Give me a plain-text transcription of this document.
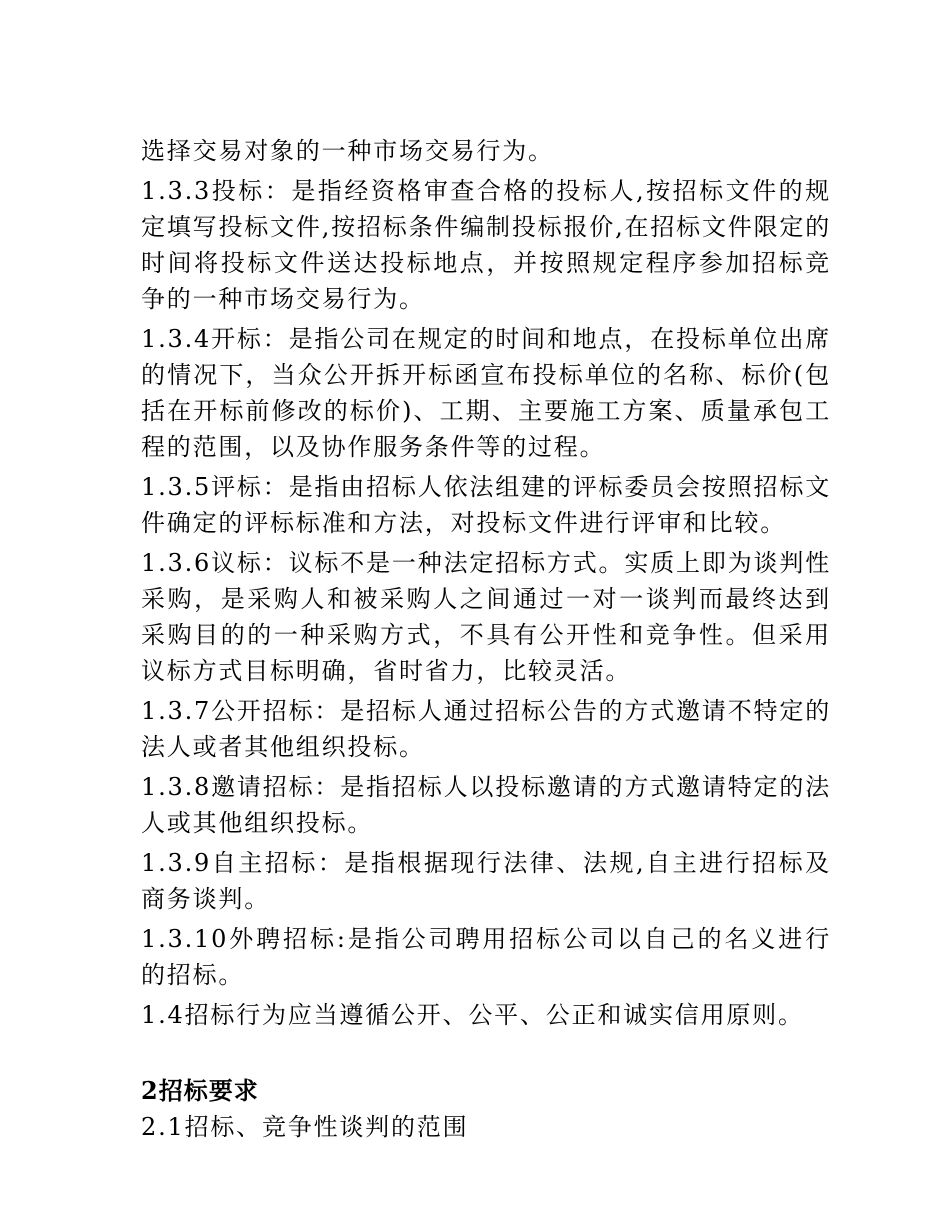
选择交易对象的一种市场交易行为。

1.3.3投标：是指经资格审查合格的投标人,按招标文件的规定填写投标文件,按招标条件编制投标报价,在招标文件限定的时间将投标文件送达投标地点，并按照规定程序参加招标竞争的一种市场交易行为。

1.3.4开标：是指公司在规定的时间和地点，在投标单位出席的情况下，当众公开拆开标函宣布投标单位的名称、标价(包括在开标前修改的标价)、工期、主要施工方案、质量承包工程的范围，以及协作服务条件等的过程。

1.3.5评标：是指由招标人依法组建的评标委员会按照招标文件确定的评标标准和方法，对投标文件进行评审和比较。

1.3.6议标：议标不是一种法定招标方式。实质上即为谈判性采购，是采购人和被采购人之间通过一对一谈判而最终达到采购目的的一种采购方式，不具有公开性和竞争性。但采用议标方式目标明确，省时省力，比较灵活。

1.3.7公开招标：是招标人通过招标公告的方式邀请不特定的法人或者其他组织投标。

1.3.8邀请招标：是指招标人以投标邀请的方式邀请特定的法人或其他组织投标。

1.3.9自主招标：是指根据现行法律、法规,自主进行招标及商务谈判。

1.3.10外聘招标:是指公司聘用招标公司以自己的名义进行的招标。

1.4招标行为应当遵循公开、公平、公正和诚实信用原则。

2招标要求
2.1招标、竞争性谈判的范围
